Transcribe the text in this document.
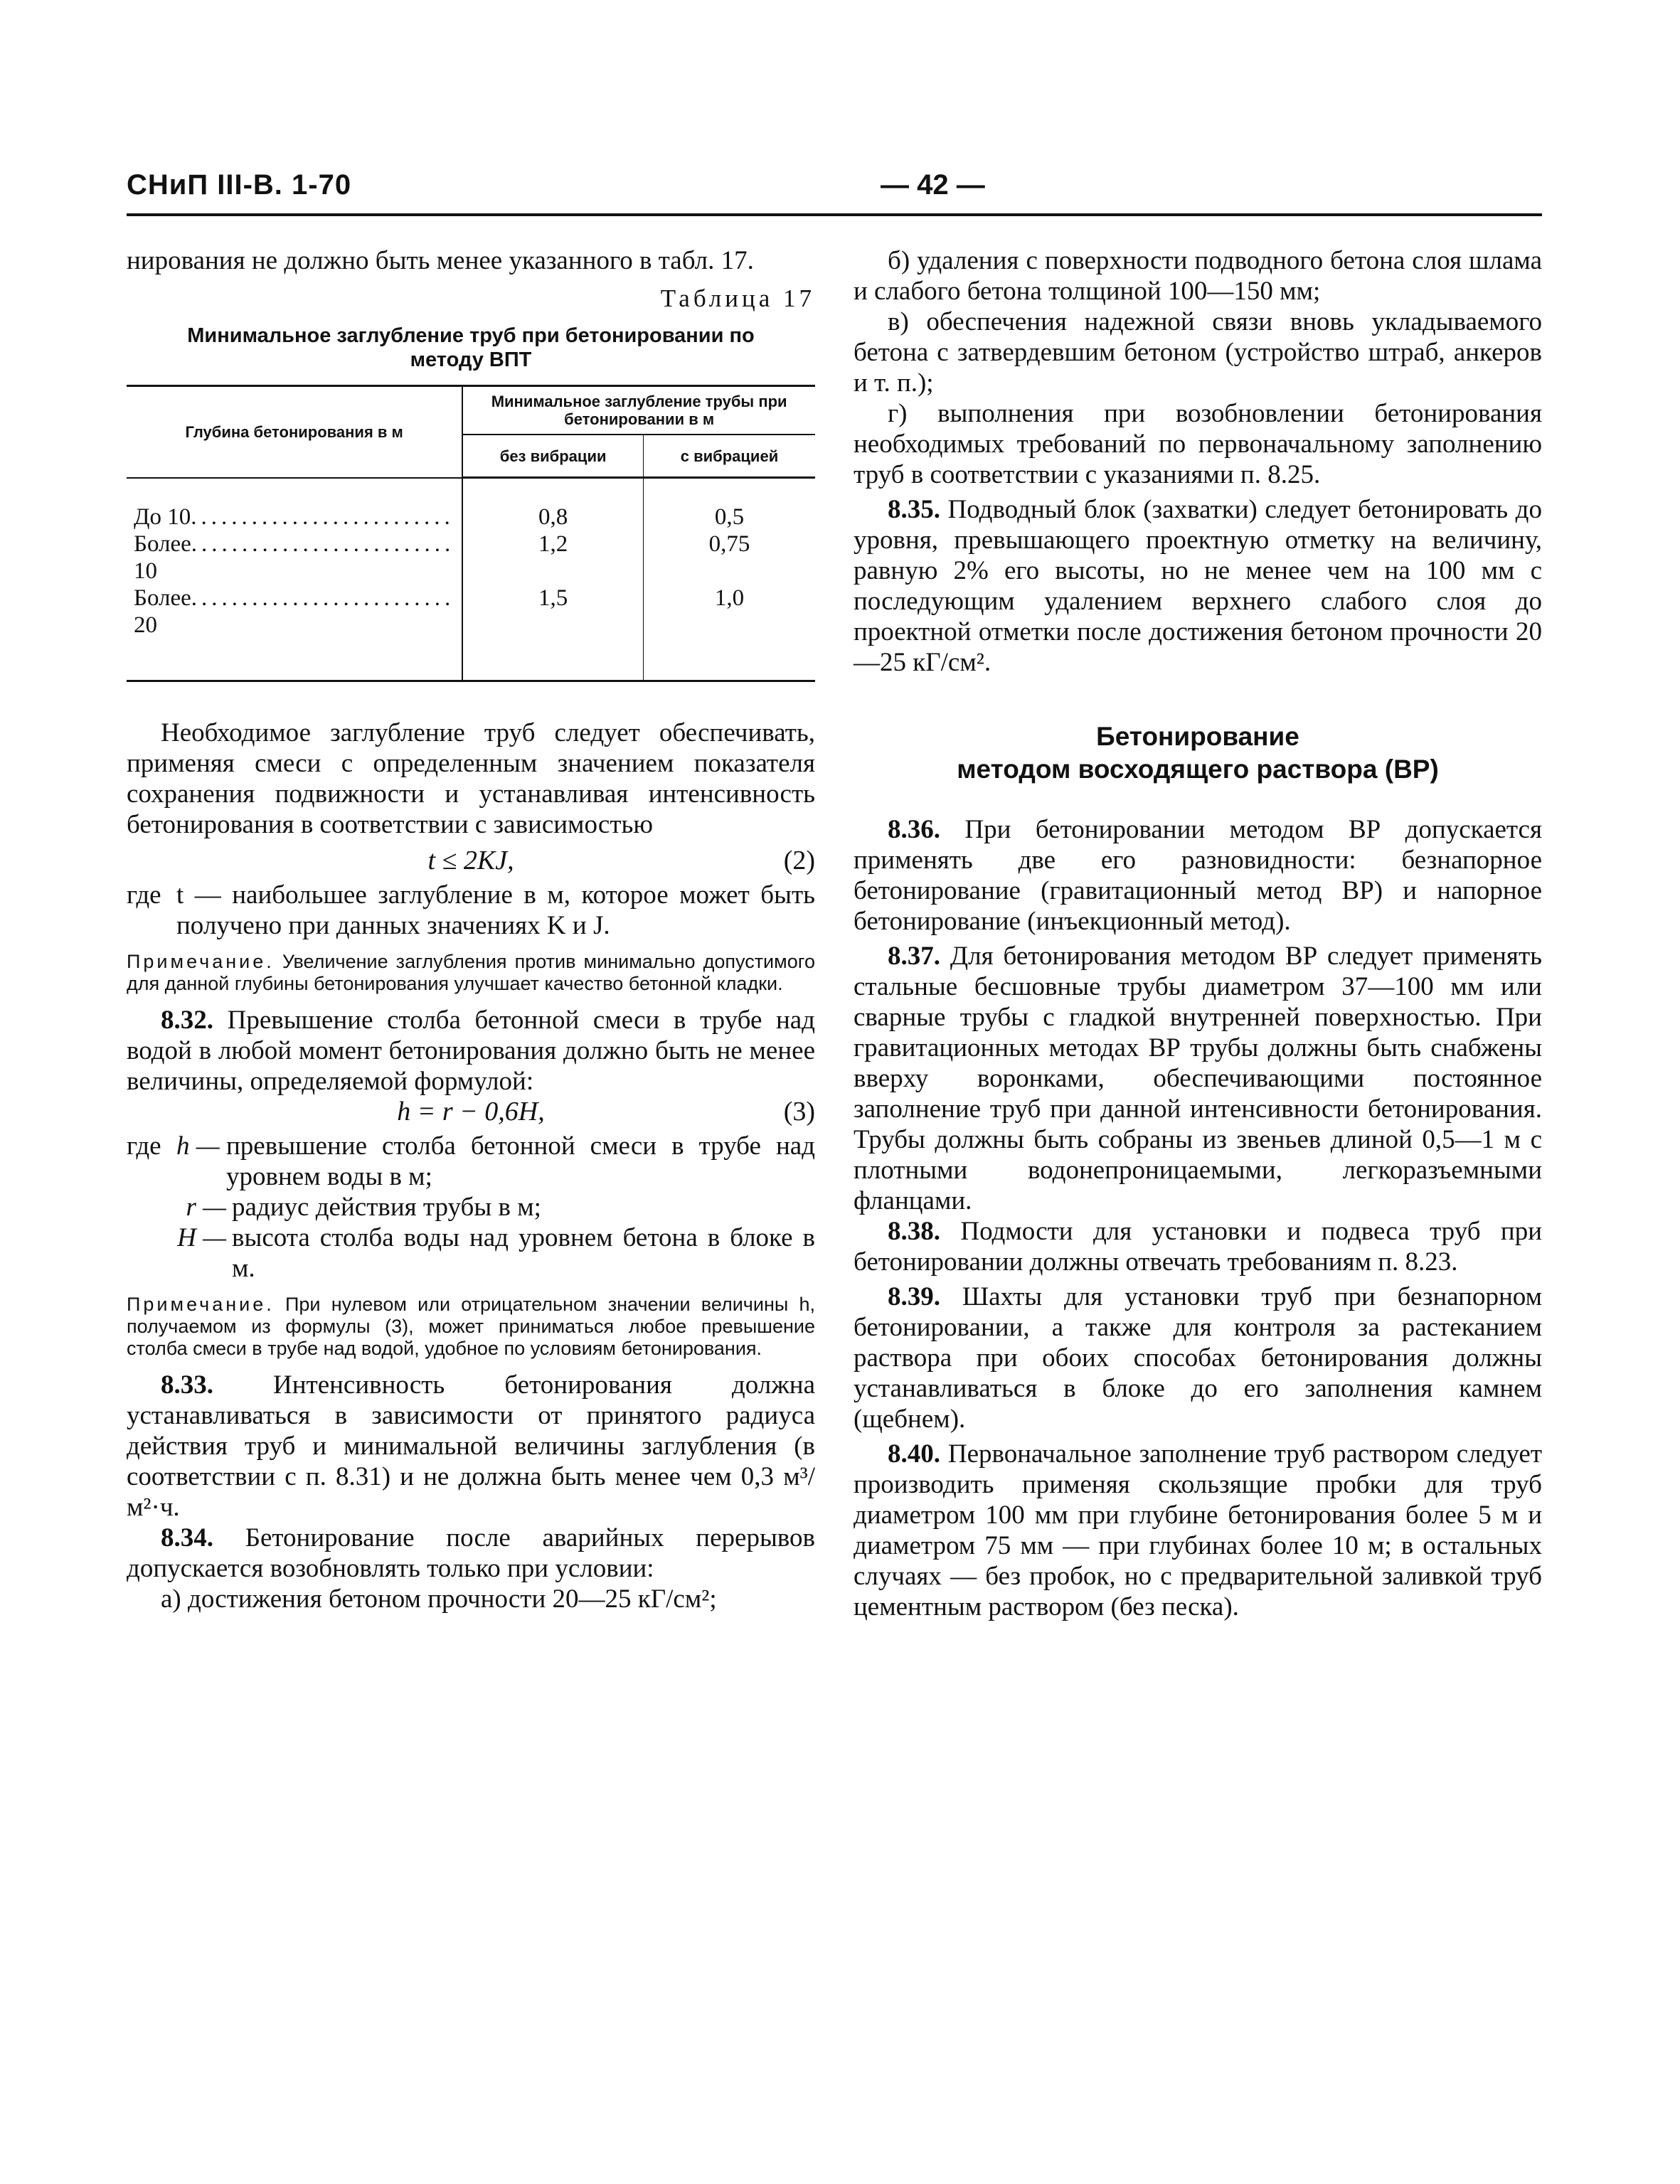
СНиП III-В. 1-70	— 42 —

нирования не должно быть менее указанного в табл. 17.

Таблица 17
Минимальное заглубление труб при бетонировании по методу ВПТ
Глубина бетонирования в м	Минимальное заглубление трубы при бетонировании в м	
	без вибрации	с вибрацией

До 10 ..........................	0,8	0,5

Более 10
..........................	1,2	0,75

Более 20
..........................	1,5	1,0

Необходимое заглубление труб следует обеспечивать, применяя смеси с определенным значением показателя сохранения подвижности и устанавливая интенсивность бетонирования в соответствии с зависимостью

t ≤ 2KJ,	(2)
где t — наибольшее заглубление в м, которое может быть получено при данных значениях K и J.
Примечание. Увеличение заглубления против минимально допустимого для данной глубины бетонирования улучшает качество бетонной кладки.

8.32. Превышение столба бетонной смеси в трубе над водой в любой момент бетонирования должно быть не менее величины, определяемой формулой:

h = r − 0,6H,	(3)
где h — превышение столба бетонной смеси в трубе над уровнем воды в м;
r — радиус действия трубы в м;
H — высота столба воды над уровнем бетона в блоке в м.
Примечание. При нулевом или отрицательном значении величины h, получаемом из формулы (3), может приниматься любое превышение столба смеси в трубе над водой, удобное по условиям бетонирования.

8.33. Интенсивность бетонирования должна устанавливаться в зависимости от принятого радиуса действия труб и минимальной величины заглубления (в соответствии с п. 8.31) и не должна быть менее чем 0,3 м³/м²·ч.

8.34. Бетонирование после аварийных перерывов допускается возобновлять только при условии:

а) достижения бетоном прочности 20—25 кГ/см²;

б) удаления с поверхности подводного бетона слоя шлама и слабого бетона толщиной 100—150 мм;

в) обеспечения надежной связи вновь укладываемого бетона с затвердевшим бетоном (устройство штраб, анкеров и т. п.);

г) выполнения при возобновлении бетонирования необходимых требований по первоначальному заполнению труб в соответствии с указаниями п. 8.25.

8.35. Подводный блок (захватки) следует бетонировать до уровня, превышающего проектную отметку на величину, равную 2% его высоты, но не менее чем на 100 мм с последующим удалением верхнего слабого слоя до проектной отметки после достижения бетоном прочности 20—25 кГ/см².

Бетонирование
методом восходящего раствора (ВР)

8.36. При бетонировании методом ВР допускается применять две его разновидности: безнапорное бетонирование (гравитационный метод ВР) и напорное бетонирование (инъекционный метод).

8.37. Для бетонирования методом ВР следует применять стальные бесшовные трубы диаметром 37—100 мм или сварные трубы с гладкой внутренней поверхностью. При гравитационных методах ВР трубы должны быть снабжены вверху воронками, обеспечивающими постоянное заполнение труб при данной интенсивности бетонирования. Трубы должны быть собраны из звеньев длиной 0,5—1 м с плотными водонепроницаемыми, легкоразъемными фланцами.

8.38. Подмости для установки и подвеса труб при бетонировании должны отвечать требованиям п. 8.23.

8.39. Шахты для установки труб при безнапорном бетонировании, а также для контроля за растеканием раствора при обоих способах бетонирования должны устанавливаться в блоке до его заполнения камнем (щебнем).

8.40. Первоначальное заполнение труб раствором следует производить применяя скользящие пробки для труб диаметром 100 мм при глубине бетонирования более 5 м и диаметром 75 мм — при глубинах более 10 м; в остальных случаях — без пробок, но с предварительной заливкой труб цементным раствором (без песка).
